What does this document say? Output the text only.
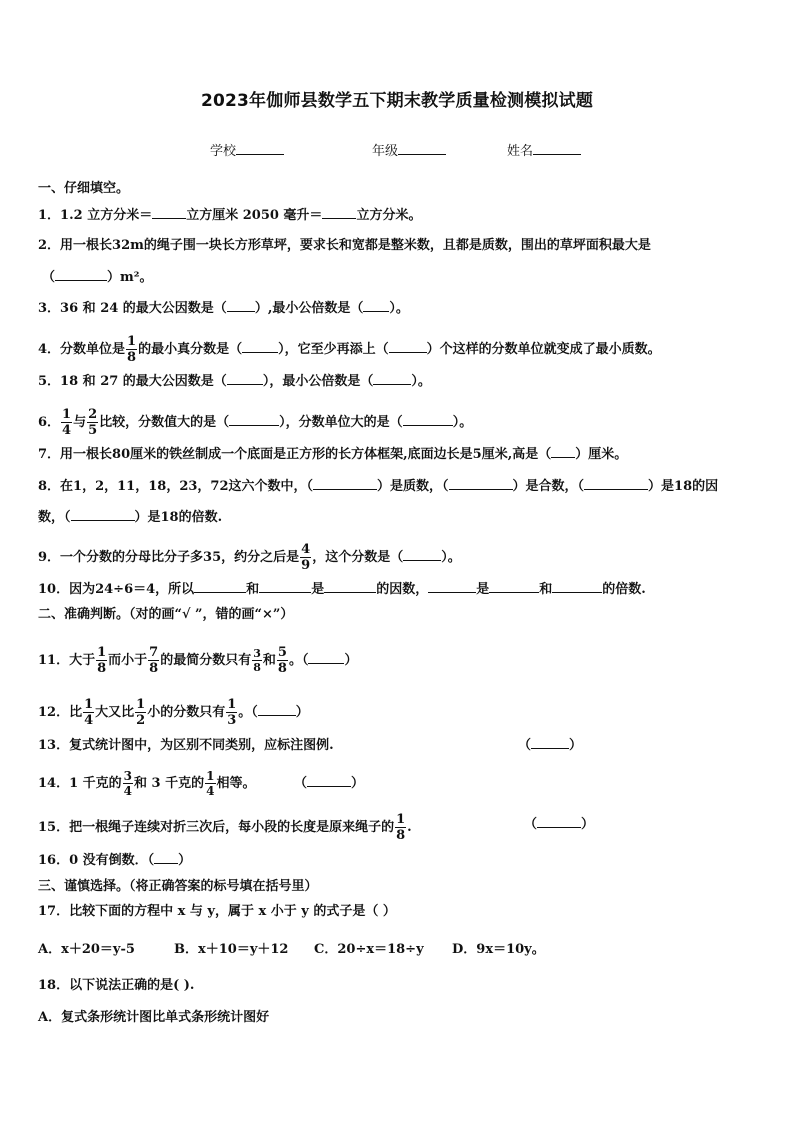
2023年伽师县数学五下期末教学质量检测模拟试题
学校	年级	姓名
一、仔细填空。
1．1.2 立方分米＝	立方厘米 2050 毫升＝	立方分米。
2．用一根长32m的绳子围一块长方形草坪，要求长和宽都是整米数，且都是质数，围出的草坪面积最大是
（	）m²。
3．36 和 24 的最大公因数是（ ）,最小公倍数是（ ）。
4．分数单位是 $\frac{1}{8}$ 的最小真分数是（	），它至少再添上（	）个这样的分数单位就变成了最小质数。
5．18 和 27 的最大公因数是（	），最小公倍数是（	）。
6． $\frac{1}{4}$ 与 $\frac{2}{5}$ 比较，分数值大的是（	），分数单位大的是（	）。
7．用一根长80厘米的铁丝制成一个底面是正方形的长方体框架,底面边长是5厘米,高是（ ）厘米。
8．在1，2，11，18，23，72这六个数中，（	）是质数，（	）是合数，（	）是18的因
数，（	）是18的倍数.
9．一个分数的分母比分子多35，约分之后是 $\frac{4}{9}$ ，这个分数是（	）。
10．因为24÷6＝4，所以	和	是	的因数，	是	和	的倍数.
二、准确判断。（对的画“√ ”，错的画“×”）
11．大于 $\frac{1}{8}$ 而小于 $\frac{7}{8}$ 的最简分数只有 $\frac{3}{8}$ 和 $\frac{5}{8}$ 。（	）
12．比 $\frac{1}{4}$ 大又比 $\frac{1}{2}$ 小的分数只有 $\frac{1}{3}$ 。（	）
13．复式统计图中，为区别不同类别，应标注图例.	（	）
14．1 千克的 $\frac{3}{4}$ 和 3 千克的 $\frac{1}{4}$ 相等。	（	）
15．把一根绳子连续对折三次后，每小段的长度是原来绳子的 $\frac{1}{8}$ .	（	）
16．0 没有倒数．（ ）
三、谨慎选择。（将正确答案的标号填在括号里）
17．比较下面的方程中 x 与 y，属于 x 小于 y 的式子是（ ）
A．x＋20＝y-5	B．x＋10＝y＋12 C．20÷x＝18÷y D．9x＝10y。
18．以下说法正确的是( ).
A．复式条形统计图比单式条形统计图好
